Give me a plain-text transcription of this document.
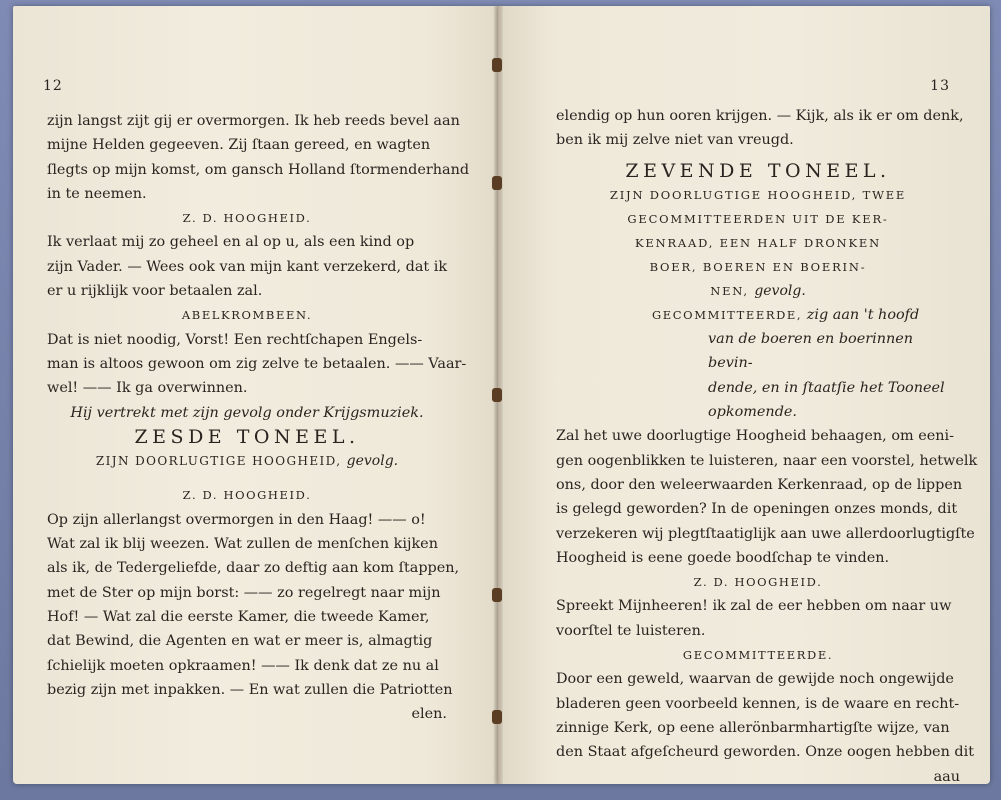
12

zijn langst zijt gij er overmorgen. Ik heb reeds bevel aan
mijne Helden gegeeven. Zij ſtaan gereed, en wagten
ſlegts op mijn komst, om gansch Holland ſtormenderhand
in te neemen.

Z. D. HOOGHEID.

Ik verlaat mij zo geheel en al op u, als een kind op
zijn Vader. — Wees ook van mijn kant verzekerd, dat ik
er u rijklijk voor betaalen zal.

ABELKROMBEEN.

Dat is niet noodig, Vorst! Een rechtſchapen Engels-
man is altoos gewoon om zig zelve te betaalen. —— Vaar-
wel! —— Ik ga overwinnen.

Hij vertrekt met zijn gevolg onder Krijgsmuziek.

ZESDE TONEEL.

ZIJN DOORLUGTIGE HOOGHEID, gevolg.

Z. D. HOOGHEID.

Op zijn allerlangst overmorgen in den Haag! —— o!
Wat zal ik blij weezen. Wat zullen de menſchen kijken
als ik, de Tedergeliefde, daar zo deftig aan kom ſtappen,
met de Ster op mijn borst: —— zo regelregt naar mijn
Hof! — Wat zal die eerste Kamer, die tweede Kamer,
dat Bewind, die Agenten en wat er meer is, almagtig
ſchielijk moeten opkraamen! —— Ik denk dat ze nu al
bezig zijn met inpakken. — En wat zullen die Patriotten

elen.

13

elendig op hun ooren krijgen. — Kijk, als ik er om denk,
ben ik mij zelve niet van vreugd.

ZEVENDE TONEEL.

ZIJN DOORLUGTIGE HOOGHEID, TWEE

GECOMMITTEERDEN UIT DE KER-

KENRAAD, EEN HALF DRONKEN

BOER, BOEREN EN BOERIN-

NEN, gevolg.

GECOMMITTEERDE, zig aan 't hoofd

van de boeren en boerinnen bevin-
dende, en in ſtaatſie het Tooneel
opkomende.

Zal het uwe doorlugtige Hoogheid behaagen, om eeni-
gen oogenblikken te luisteren, naar een voorstel, hetwelk
ons, door den weleerwaarden Kerkenraad, op de lippen
is gelegd geworden? In de openingen onzes monds, dit
verzekeren wij plegtſtaatiglijk aan uwe allerdoorlugtigſte
Hoogheid is eene goede boodſchap te vinden.

Z. D. HOOGHEID.

Spreekt Mijnheeren! ik zal de eer hebben om naar uw
voorſtel te luisteren.

GECOMMITTEERDE.

Door een geweld, waarvan de gewijde noch ongewijde
bladeren geen voorbeeld kennen, is de waare en recht-
zinnige Kerk, op eene allerönbarmhartigſte wijze, van
den Staat afgeſcheurd geworden. Onze oogen hebben dit

aau
